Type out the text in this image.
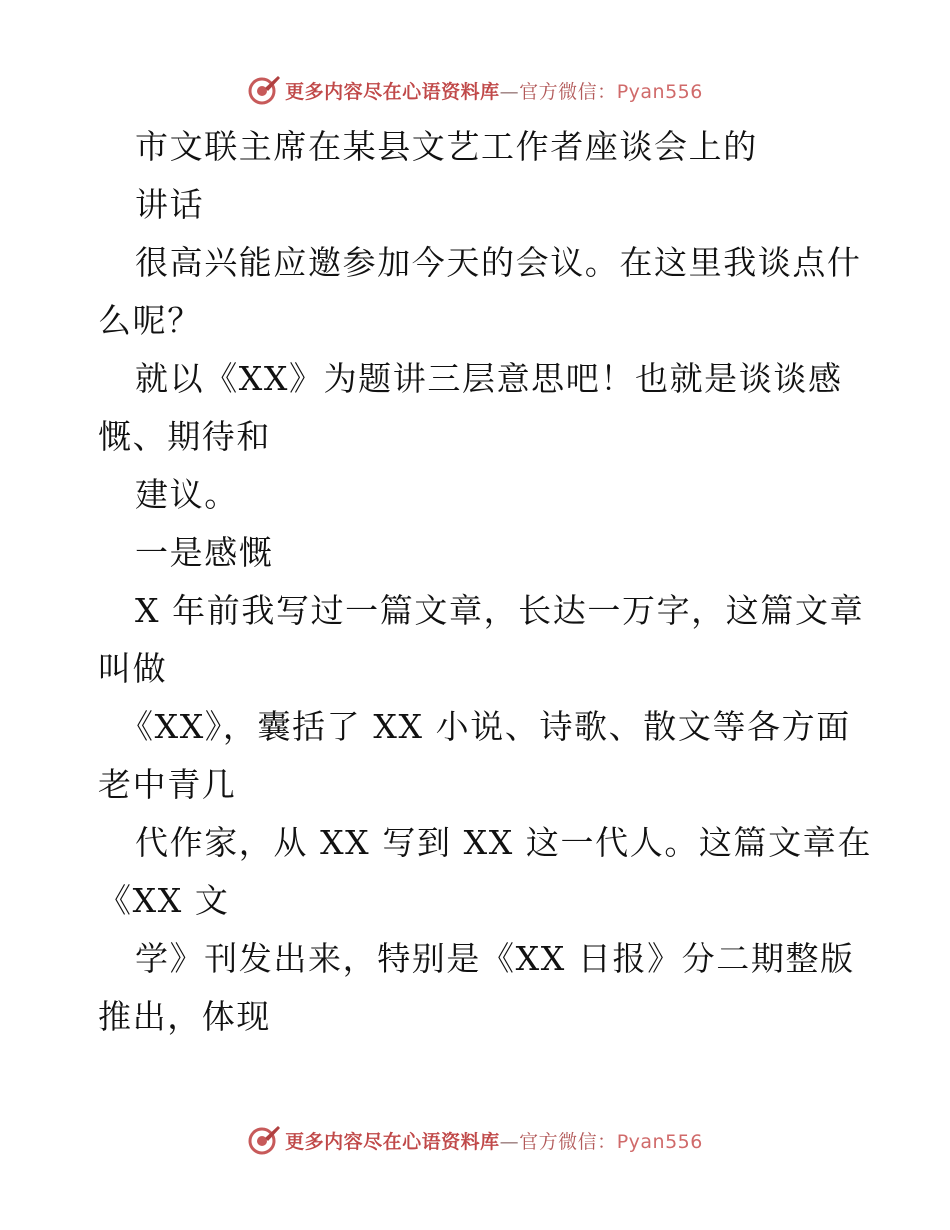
更多内容尽在心语资料库—官方微信：Pyan556
市文联主席在某县文艺工作者座谈会上的
讲话
很高兴能应邀参加今天的会议。在这里我谈点什
么呢？
就以《XX》为题讲三层意思吧！也就是谈谈感
慨、期待和
建议。
一是感慨
X 年前我写过一篇文章，长达一万字，这篇文章
叫做
《XX》，囊括了 XX 小说、诗歌、散文等各方面
老中青几
代作家，从 XX 写到 XX 这一代人。这篇文章在
《XX 文
学》刊发出来，特别是《XX 日报》分二期整版
推出，体现
更多内容尽在心语资料库—官方微信：Pyan556
